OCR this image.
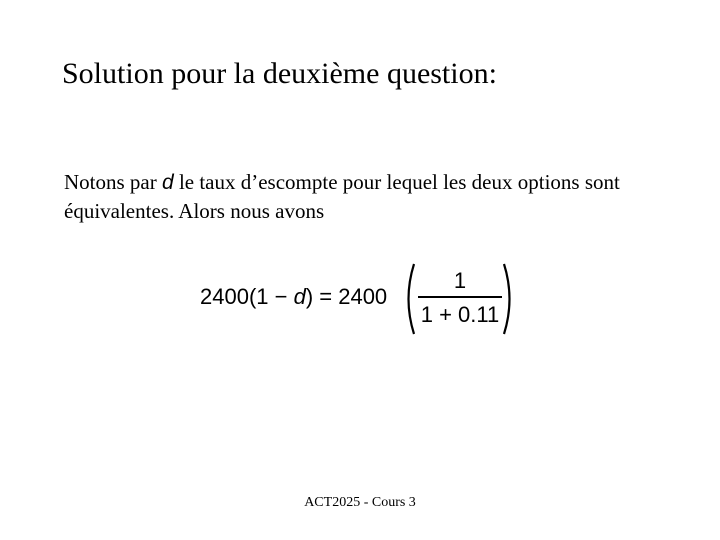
Solution pour la deuxième question:
Notons par d le taux d’escompte pour lequel les deux options sont équivalentes. Alors nous avons
2400(1 − d) = 2400
1
1 + 0.11
ACT2025 - Cours 3
